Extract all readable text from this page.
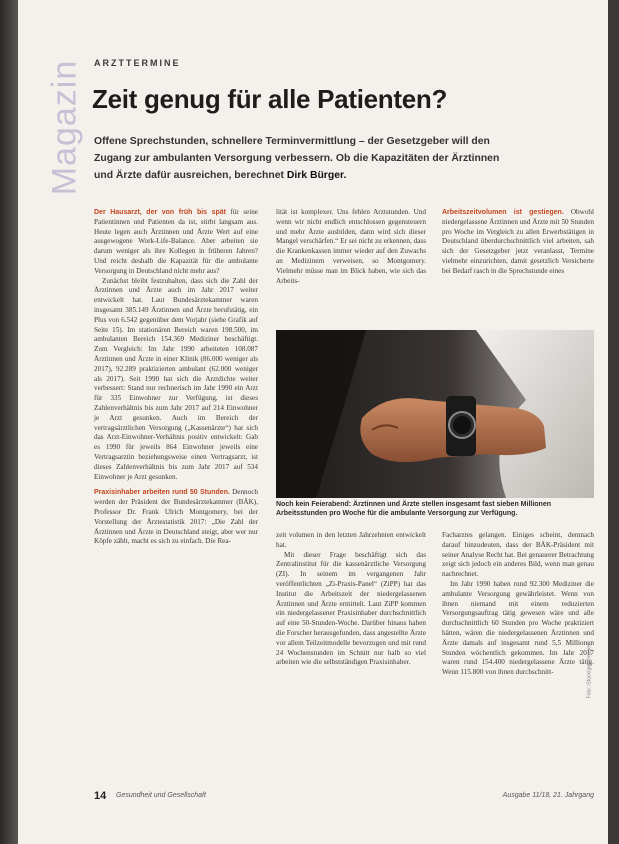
Magazin ARZTTERMINE
Zeit genug für alle Patienten?

Offene Sprechstunden, schnellere Terminvermittlung – der Gesetzgeber will den Zugang zur ambulanten Versorgung verbessern. Ob die Kapazitäten der Ärztinnen und Ärzte dafür ausreichen, berechnet Dirk Bürger.

Der Hausarzt, der von früh bis spät für seine Patientinnen und Patienten da ist, stirbt langsam aus. Heute legen auch Ärztinnen und Ärzte Wert auf eine ausgewogene Work-Life-Balance. Aber arbeiten sie darum weniger als ihre Kollegen in früheren Jahren? Und reicht deshalb die Kapazität für die ambulante Versorgung in Deutschland nicht mehr aus?

Zunächst bleibt festzuhalten, dass sich die Zahl der Ärztinnen und Ärzte auch im Jahr 2017 weiter entwickelt hat. Laut Bundesärztekammer waren insgesamt 385.149 Ärztinnen und Ärzte berufstätig, ein Plus von 6.542 gegenüber dem Vorjahr (siehe Grafik auf Seite 15). Im stationären Bereich waren 198.500, im ambulanten Bereich 154.369 Mediziner beschäftigt. Zum Vergleich: Im Jahr 1990 arbeiteten 108.087 Ärztinnen und Ärzte in einer Klinik (86.000 weniger als 2017), 92.289 praktizierten ambulant (62.000 weniger als 2017). Seit 1990 hat sich die Arztdichte weiter verbessert: Stand nur rechnerisch im Jahr 1990 ein Arzt für 335 Einwohner zur Verfügung, ist dieses Zahlenverhältnis bis zum Jahr 2017 auf 214 Einwohner je Arzt gesunken. Auch im Bereich der vertragsärztlichen Versorgung („Kassenärzte“) hat sich das Arzt-Einwohner-Verhältnis positiv entwickelt: Gab es 1990 für jeweils 864 Einwohner jeweils eine Vertragsarztin beziehungsweise einen Vertragsarzt, ist dieses Zahlenverhältnis bis zum Jahr 2017 auf 534 Einwohner je Arzt gesunken.

Praxisinhaber arbeiten rund 50 Stunden. Dennoch werden der Präsident der Bundesärztekammer (BÄK), Professor Dr. Frank Ulrich Montgomery, bei der Vorstellung der Ärztestatistik 2017: „Die Zahl der Ärztinnen und Ärzte in Deutschland steigt, aber wer nur Köpfe zählt, macht es sich zu einfach. Die Rea-

lität ist komplexer. Uns fehlen Arztstunden. Und wenn wir nicht endlich entschlossen gegensteuern und mehr Ärzte ausbilden, dann wird sich dieser Mangel verschärfen.“ Er sei nicht zu erkennen, dass die Krankenkassen immer wieder auf den Zuwachs an Medizinern verweisen, so Montgomery. Vielmehr müsse man im Blick haben, wie sich das Arbeits-

Arbeitszeitvolumen ist gestiegen. Obwohl niedergelassene Ärztinnen und Ärzte mit 50 Stunden pro Woche im Vergleich zu allen Erwerbstätigen in Deutschland überdurchschnittlich viel arbeiten, sah sich der Gesetzgeber jetzt veranlasst, Termine vielmehr einzurichten, damit gesetzlich Versicherte bei Bedarf rasch in die Sprechstunde eines

Noch kein Feierabend: Ärztinnen und Ärzte stellen insgesamt fast sieben Millionen Arbeitsstunden pro Woche für die ambulante Versorgung zur Verfügung.

zeit volumen in den letzten Jahrzehnten entwickelt hat.

Mit dieser Frage beschäftigt sich das Zentralinstitut für die kassenärztliche Versorgung (ZI). In seinem im vergangenen Jahr veröffentlichten „Zi-Praxis-Panel“ (ZiPP) hat das Institut die Arbeitszeit der niedergelassenen Ärztinnen und Ärzte ermittelt. Laut ZiPP kommen ein niedergelassener Praxisinhaber durchschnittlich auf eine 50-Stunden-Woche. Darüber hinaus haben die Forscher herausgefunden, dass angestellte Ärzte vor allem Teilzeitmodelle bevorzugen und mit rund 24 Wochenstunden im Schnitt nur halb so viel arbeiten wie die selbstständigen Praxisinhaber.

Facharztes gelangen. Einiges scheint, demnach darauf hinzudeuten, dass der BÄK-Präsident mit seiner Analyse Recht hat. Bei genauerer Betrachtung zeigt sich jedoch ein anderes Bild, wenn man genau nachrechnet.

Im Jahr 1990 haben rund 92.300 Mediziner die ambulante Versorgung gewährleistet. Wenn von ihnen niemand mit einem reduzierten Versorgungsauftrag tätig gewesen wäre und alle durchschnittlich 60 Stunden pro Woche praktiziert hätten, wären die niedergelassenen Ärztinnen und Ärzte damals auf insgesamt rund 5,5 Millionen Stunden wöchentlich gekommen. Im Jahr 2017 waren rund 154.400 niedergelassene Ärzte tätig. Wenn 115.800 von ihnen durchschnitt-	Foto: iStock/gettyimages
14 Gesundheit und Gesellschaft	Ausgabe 11/18, 21. Jahrgang
